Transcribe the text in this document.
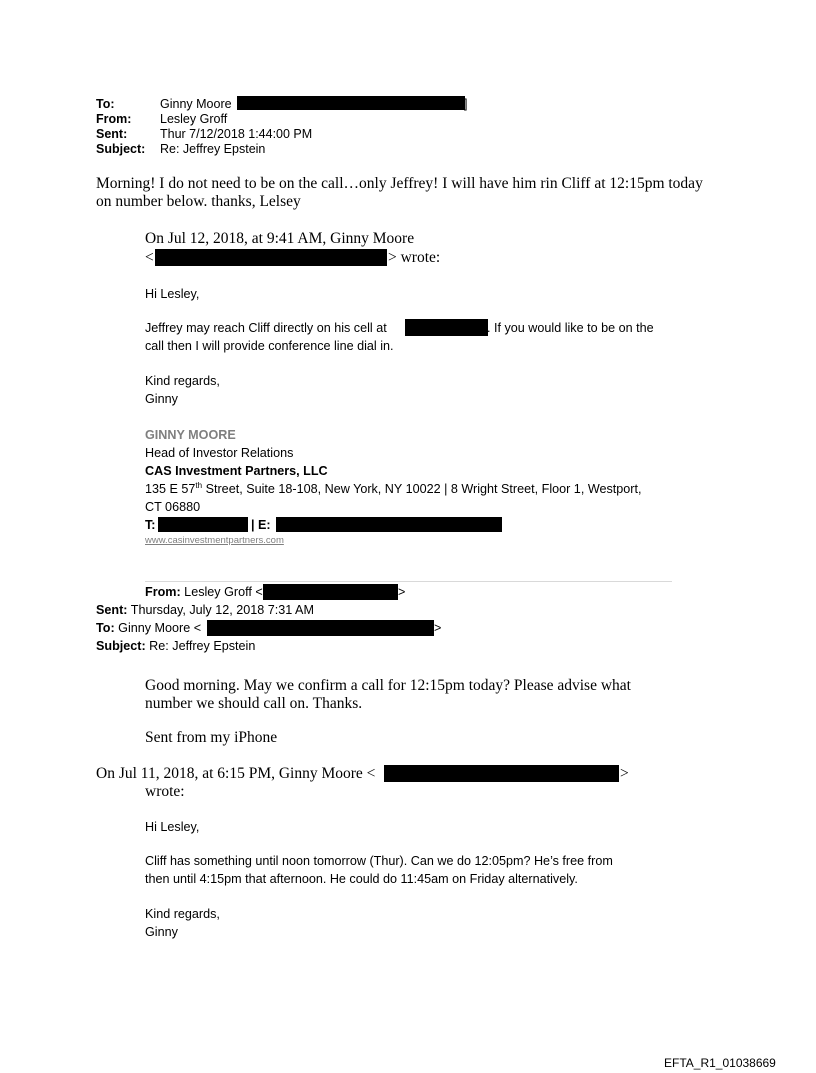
To:	Ginny Moore	]
From: Lesley Groff
Sent:	Thur 7/12/2018 1:44:00 PM
Subject: Re: Jeffrey Epstein
Morning! I do not need to be on the call…only Jeffrey! I will have him rin Cliff at 12:15pm today
on number below. thanks, Lelsey
On Jul 12, 2018, at 9:41 AM, Ginny Moore
<	> wrote:
Hi Lesley,
Jeffrey may reach Cliff directly on his cell at	. If you would like to be on the
call then I will provide conference line dial in.
Kind regards,
Ginny
GINNY MOORE
Head of Investor Relations
CAS Investment Partners, LLC
135 E 57th Street, Suite 18-108, New York, NY 10022 | 8 Wright Street, Floor 1, Westport,
CT 06880
T:	| E:
www.casinvestmentpartners.com
From: Lesley Groff <	>
Sent: Thursday, July 12, 2018 7:31 AM
To: Ginny Moore <	>
Subject: Re: Jeffrey Epstein
Good morning. May we confirm a call for 12:15pm today? Please advise what
number we should call on. Thanks.
Sent from my iPhone
On Jul 11, 2018, at 6:15 PM, Ginny Moore <	>
wrote:
Hi Lesley,
Cliff has something until noon tomorrow (Thur). Can we do 12:05pm? He’s free from
then until 4:15pm that afternoon. He could do 11:45am on Friday alternatively.
Kind regards,
Ginny
EFTA_R1_01038669
